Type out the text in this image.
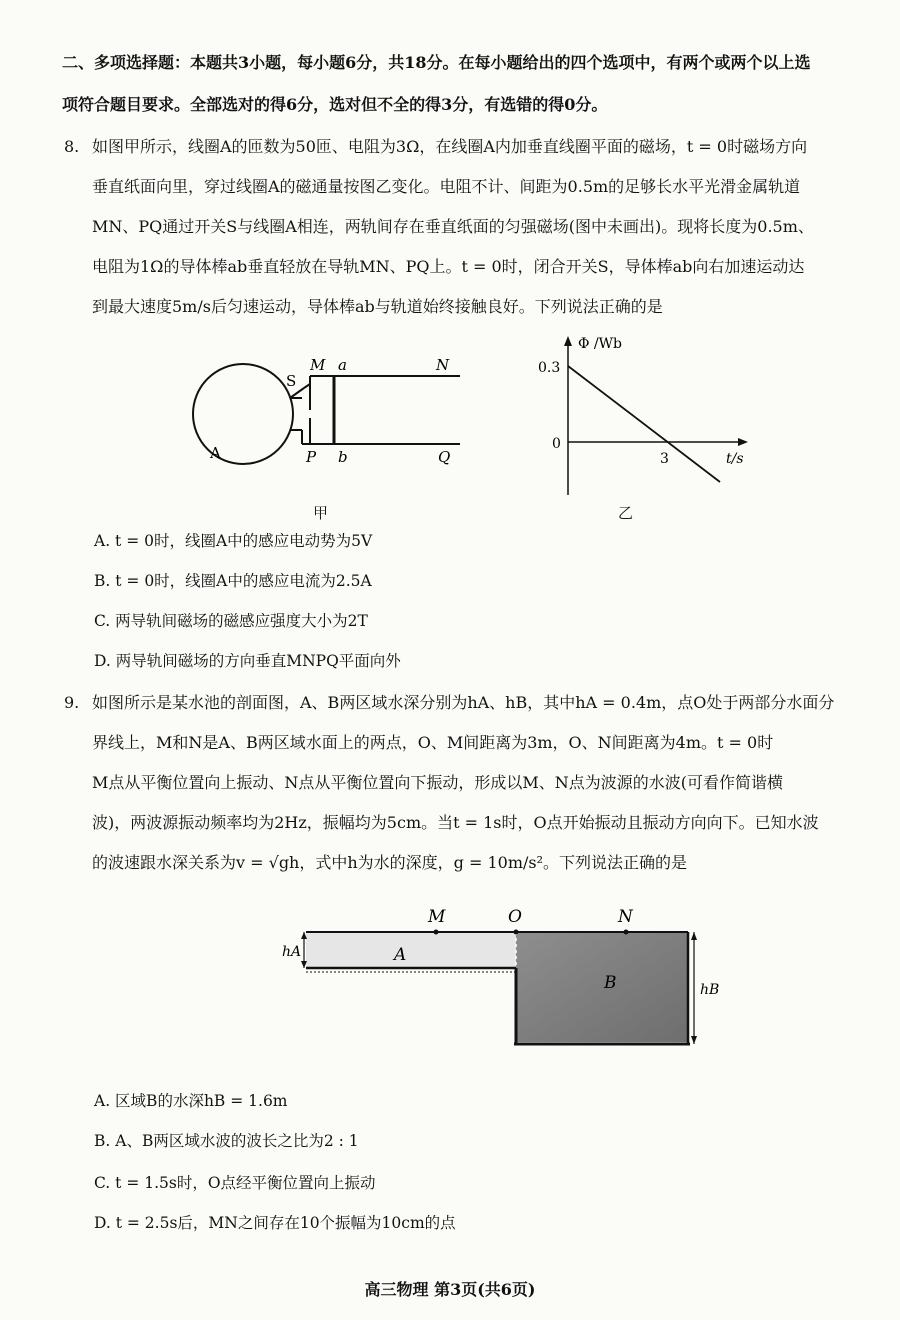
二、多项选择题：本题共3小题，每小题6分，共18分。在每小题给出的四个选项中，有两个或两个以上选
项符合题目要求。全部选对的得6分，选对但不全的得3分，有选错的得0分。
8. 如图甲所示，线圈A的匝数为50匝、电阻为3Ω，在线圈A内加垂直线圈平面的磁场，t = 0时磁场方向
垂直纸面向里，穿过线圈A的磁通量按图乙变化。电阻不计、间距为0.5m的足够长水平光滑金属轨道
MN、PQ通过开关S与线圈A相连，两轨间存在垂直纸面的匀强磁场(图中未画出)。现将长度为0.5m、
电阻为1Ω的导体棒ab垂直轻放在导轨MN、PQ上。t = 0时，闭合开关S，导体棒ab向右加速运动达
到最大速度5m/s后匀速运动，导体棒ab与轨道始终接触良好。下列说法正确的是
A
S
M a	N
P b	Q
甲
Φ /Wb
0.3
0
3	t/s
乙
A. t = 0时，线圈A中的感应电动势为5V
B. t = 0时，线圈A中的感应电流为2.5A
C. 两导轨间磁场的磁感应强度大小为2T
D. 两导轨间磁场的方向垂直MNPQ平面向外
9. 如图所示是某水池的剖面图，A、B两区域水深分别为hA、hB，其中hA = 0.4m，点O处于两部分水面分
界线上，M和N是A、B两区域水面上的两点，O、M间距离为3m，O、N间距离为4m。t = 0时
M点从平衡位置向上振动、N点从平衡位置向下振动，形成以M、N点为波源的水波(可看作简谐横
波)，两波源振动频率均为2Hz，振幅均为5cm。当t = 1s时，O点开始振动且振动方向向下。已知水波
的波速跟水深关系为v = √gh，式中h为水的深度，g = 10m/s²。下列说法正确的是
M	O	N
hA	A
B	hB
A. 区域B的水深hB = 1.6m
B. A、B两区域水波的波长之比为2 : 1
C. t = 1.5s时，O点经平衡位置向上振动
D. t = 2.5s后，MN之间存在10个振幅为10cm的点
高三物理 第3页(共6页)
